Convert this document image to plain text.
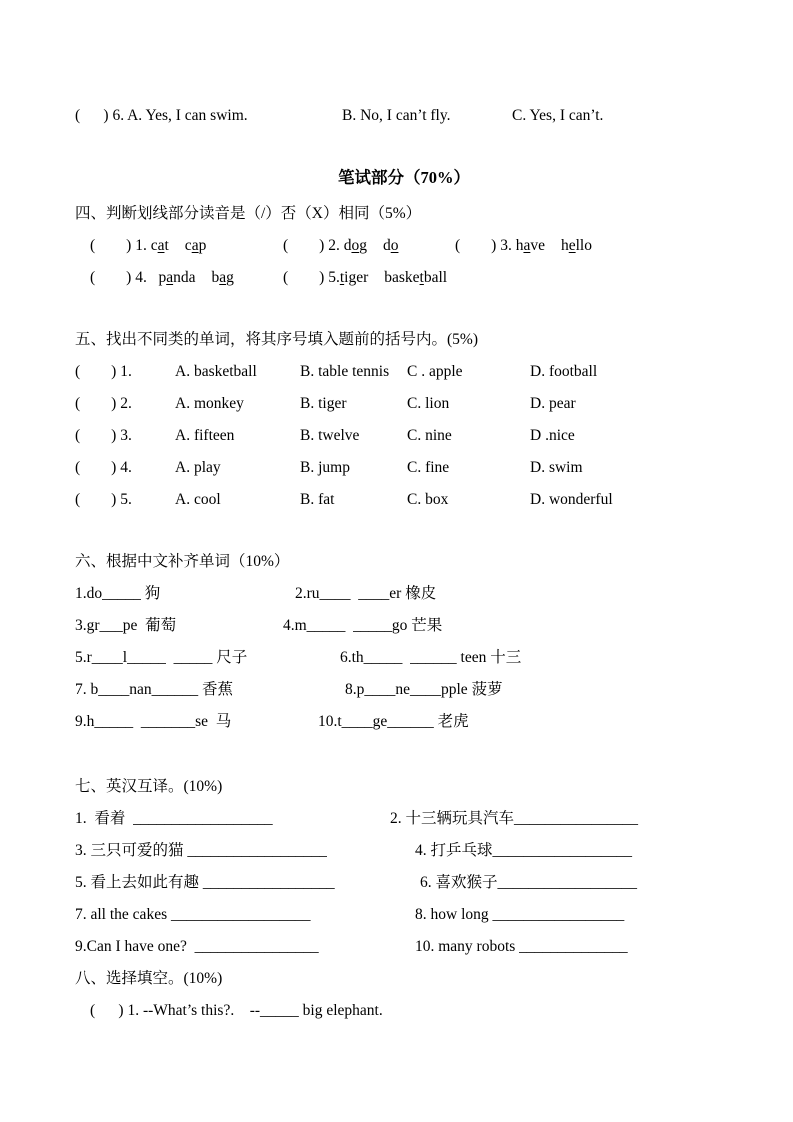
(      ) 6. A. Yes, I can swim.	B. No, I can’t fly.	C. Yes, I can’t.
笔试部分（70%）
四、判断划线部分读音是（/）否（X）相同（5%）
(        ) 1. cat cap	(        ) 2. dog do	(        ) 3. have hello
(        ) 4.   panda bag	(        ) 5.tiger basketball
五、找出不同类的单词，将其序号填入题前的括号内。(5%)
(        ) 1.	A. basketball	B. table tennis	C . apple	D. football
(        ) 2.	A. monkey	B. tiger	C. lion	D. pear
(        ) 3.	A. fifteen	B. twelve	C. nine	D .nice
(        ) 4.	A. play	B. jump	C. fine	D. swim
(        ) 5.	A. cool	B. fat	C. box	D. wonderful
六、根据中文补齐单词（10%）
1.do_____ 狗	2.ru____  ____er 橡皮
3.gr___pe  葡萄	4.m_____  _____go 芒果
5.r____l_____  _____ 尺子	6.th_____  ______ teen 十三
7. b____nan______ 香蕉	8.p____ne____pple 菠萝
9.h_____  _______se  马	10.t____ge______ 老虎
七、英汉互译。(10%)
1.  看着  __________________	2. 十三辆玩具汽车________________
3. 三只可爱的猫 __________________	4. 打乒乓球__________________
5. 看上去如此有趣 _________________	6. 喜欢猴子__________________
7. all the cakes __________________	8. how long _________________
9.Can I have one?  ________________	10. many robots ______________
八、选择填空。(10%)
(      ) 1. --What’s this?.    --_____ big elephant.
